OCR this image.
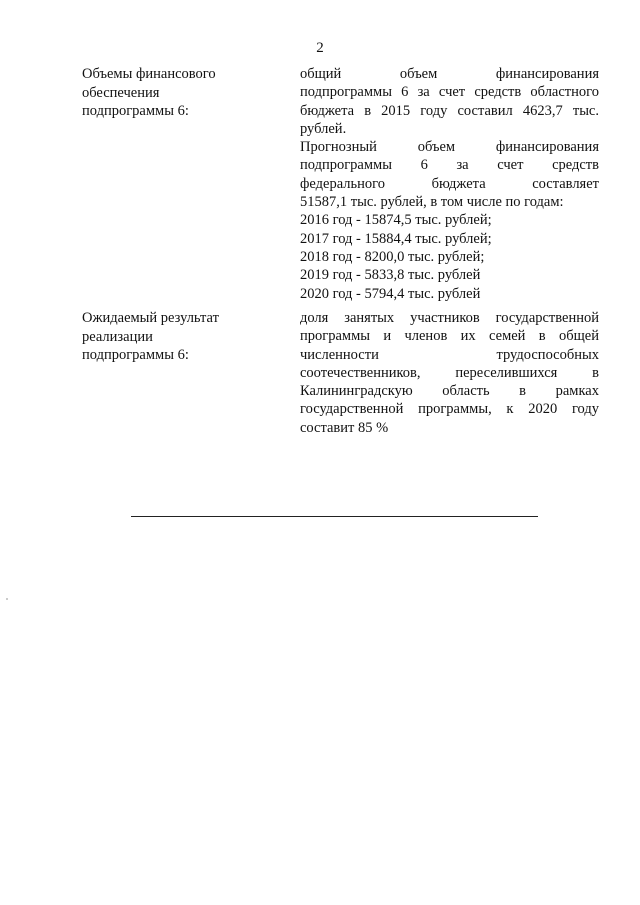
2
Объемы финансового
обеспечения
подпрограммы 6:
общий объем финансирования
подпрограммы 6 за счет средств областного
бюджета в 2015 году составил 4623,7 тыс.
рублей.
Прогнозный объем финансирования
подпрограммы 6 за счет средств
федерального бюджета составляет
51587,1 тыс. рублей, в том числе по годам:
2016 год - 15874,5 тыс. рублей;
2017 год - 15884,4 тыс. рублей;
2018 год - 8200,0 тыс. рублей;
2019 год - 5833,8 тыс. рублей
2020 год - 5794,4 тыс. рублей
Ожидаемый результат
реализации
подпрограммы 6:
доля занятых участников государственной
программы и членов их семей в общей
численности трудоспособных
соотечественников, переселившихся в
Калининградскую область в рамках
государственной программы, к 2020 году
составит 85 %
